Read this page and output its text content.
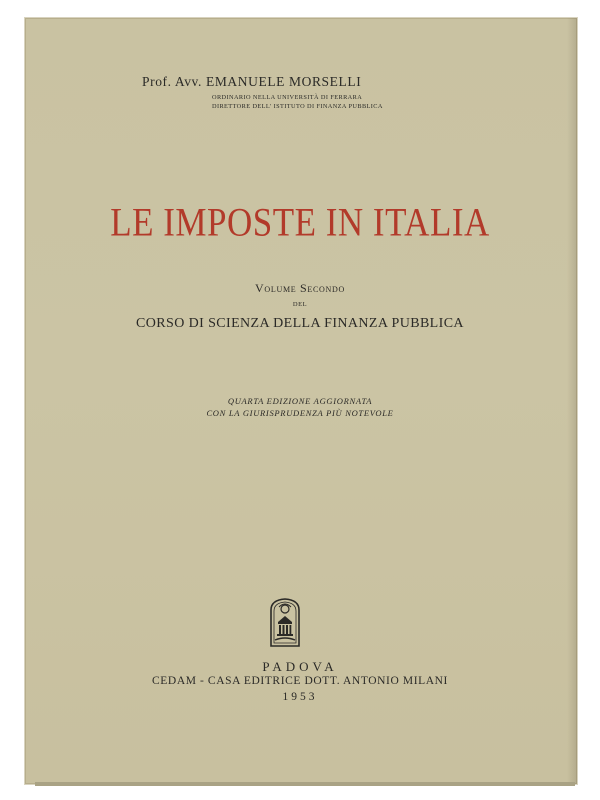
Prof. Avv. EMANUELE MORSELLI
ORDINARIO NELLA UNIVERSITÀ DI FERRARA
DIRETTORE DELL' ISTITUTO DI FINANZA PUBBLICA
LE IMPOSTE IN ITALIA
Volume Secondo
DEL
CORSO DI SCIENZA DELLA FINANZA PUBBLICA
QUARTA EDIZIONE AGGIORNATA
CON LA GIURISPRUDENZA PIÙ NOTEVOLE
PADOVA
CEDAM - CASA EDITRICE DOTT. ANTONIO MILANI
1953
